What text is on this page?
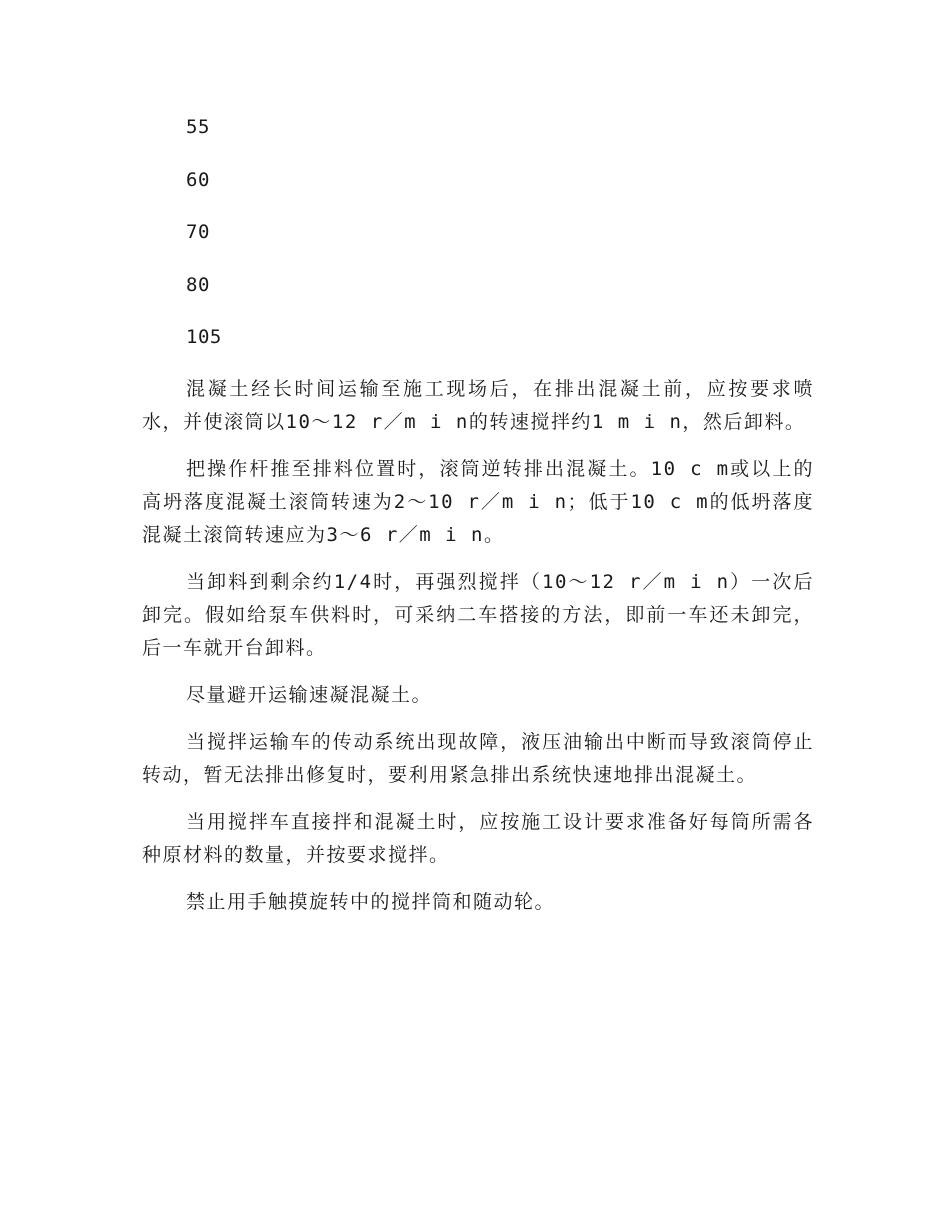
55
60
70
80
105

混凝土经长时间运输至施工现场后，在排出混凝土前，应按要求喷水，并使滚筒以10～12 r／m i n的转速搅拌约1 m i n，然后卸料。

把操作杆推至排料位置时，滚筒逆转排出混凝土。10 c m或以上的高坍落度混凝土滚筒转速为2～10 r／m i n；低于10 c m的低坍落度混凝土滚筒转速应为3～6 r／m i n。

当卸料到剩余约1/4时，再强烈搅拌（10～12 r／m i n）一次后卸完。假如给泵车供料时，可采纳二车搭接的方法，即前一车还未卸完，后一车就开台卸料。

尽量避开运输速凝混凝土。

当搅拌运输车的传动系统出现故障，液压油输出中断而导致滚筒停止转动，暂无法排出修复时，要利用紧急排出系统快速地排出混凝土。

当用搅拌车直接拌和混凝土时，应按施工设计要求准备好每筒所需各种原材料的数量，并按要求搅拌。

禁止用手触摸旋转中的搅拌筒和随动轮。
